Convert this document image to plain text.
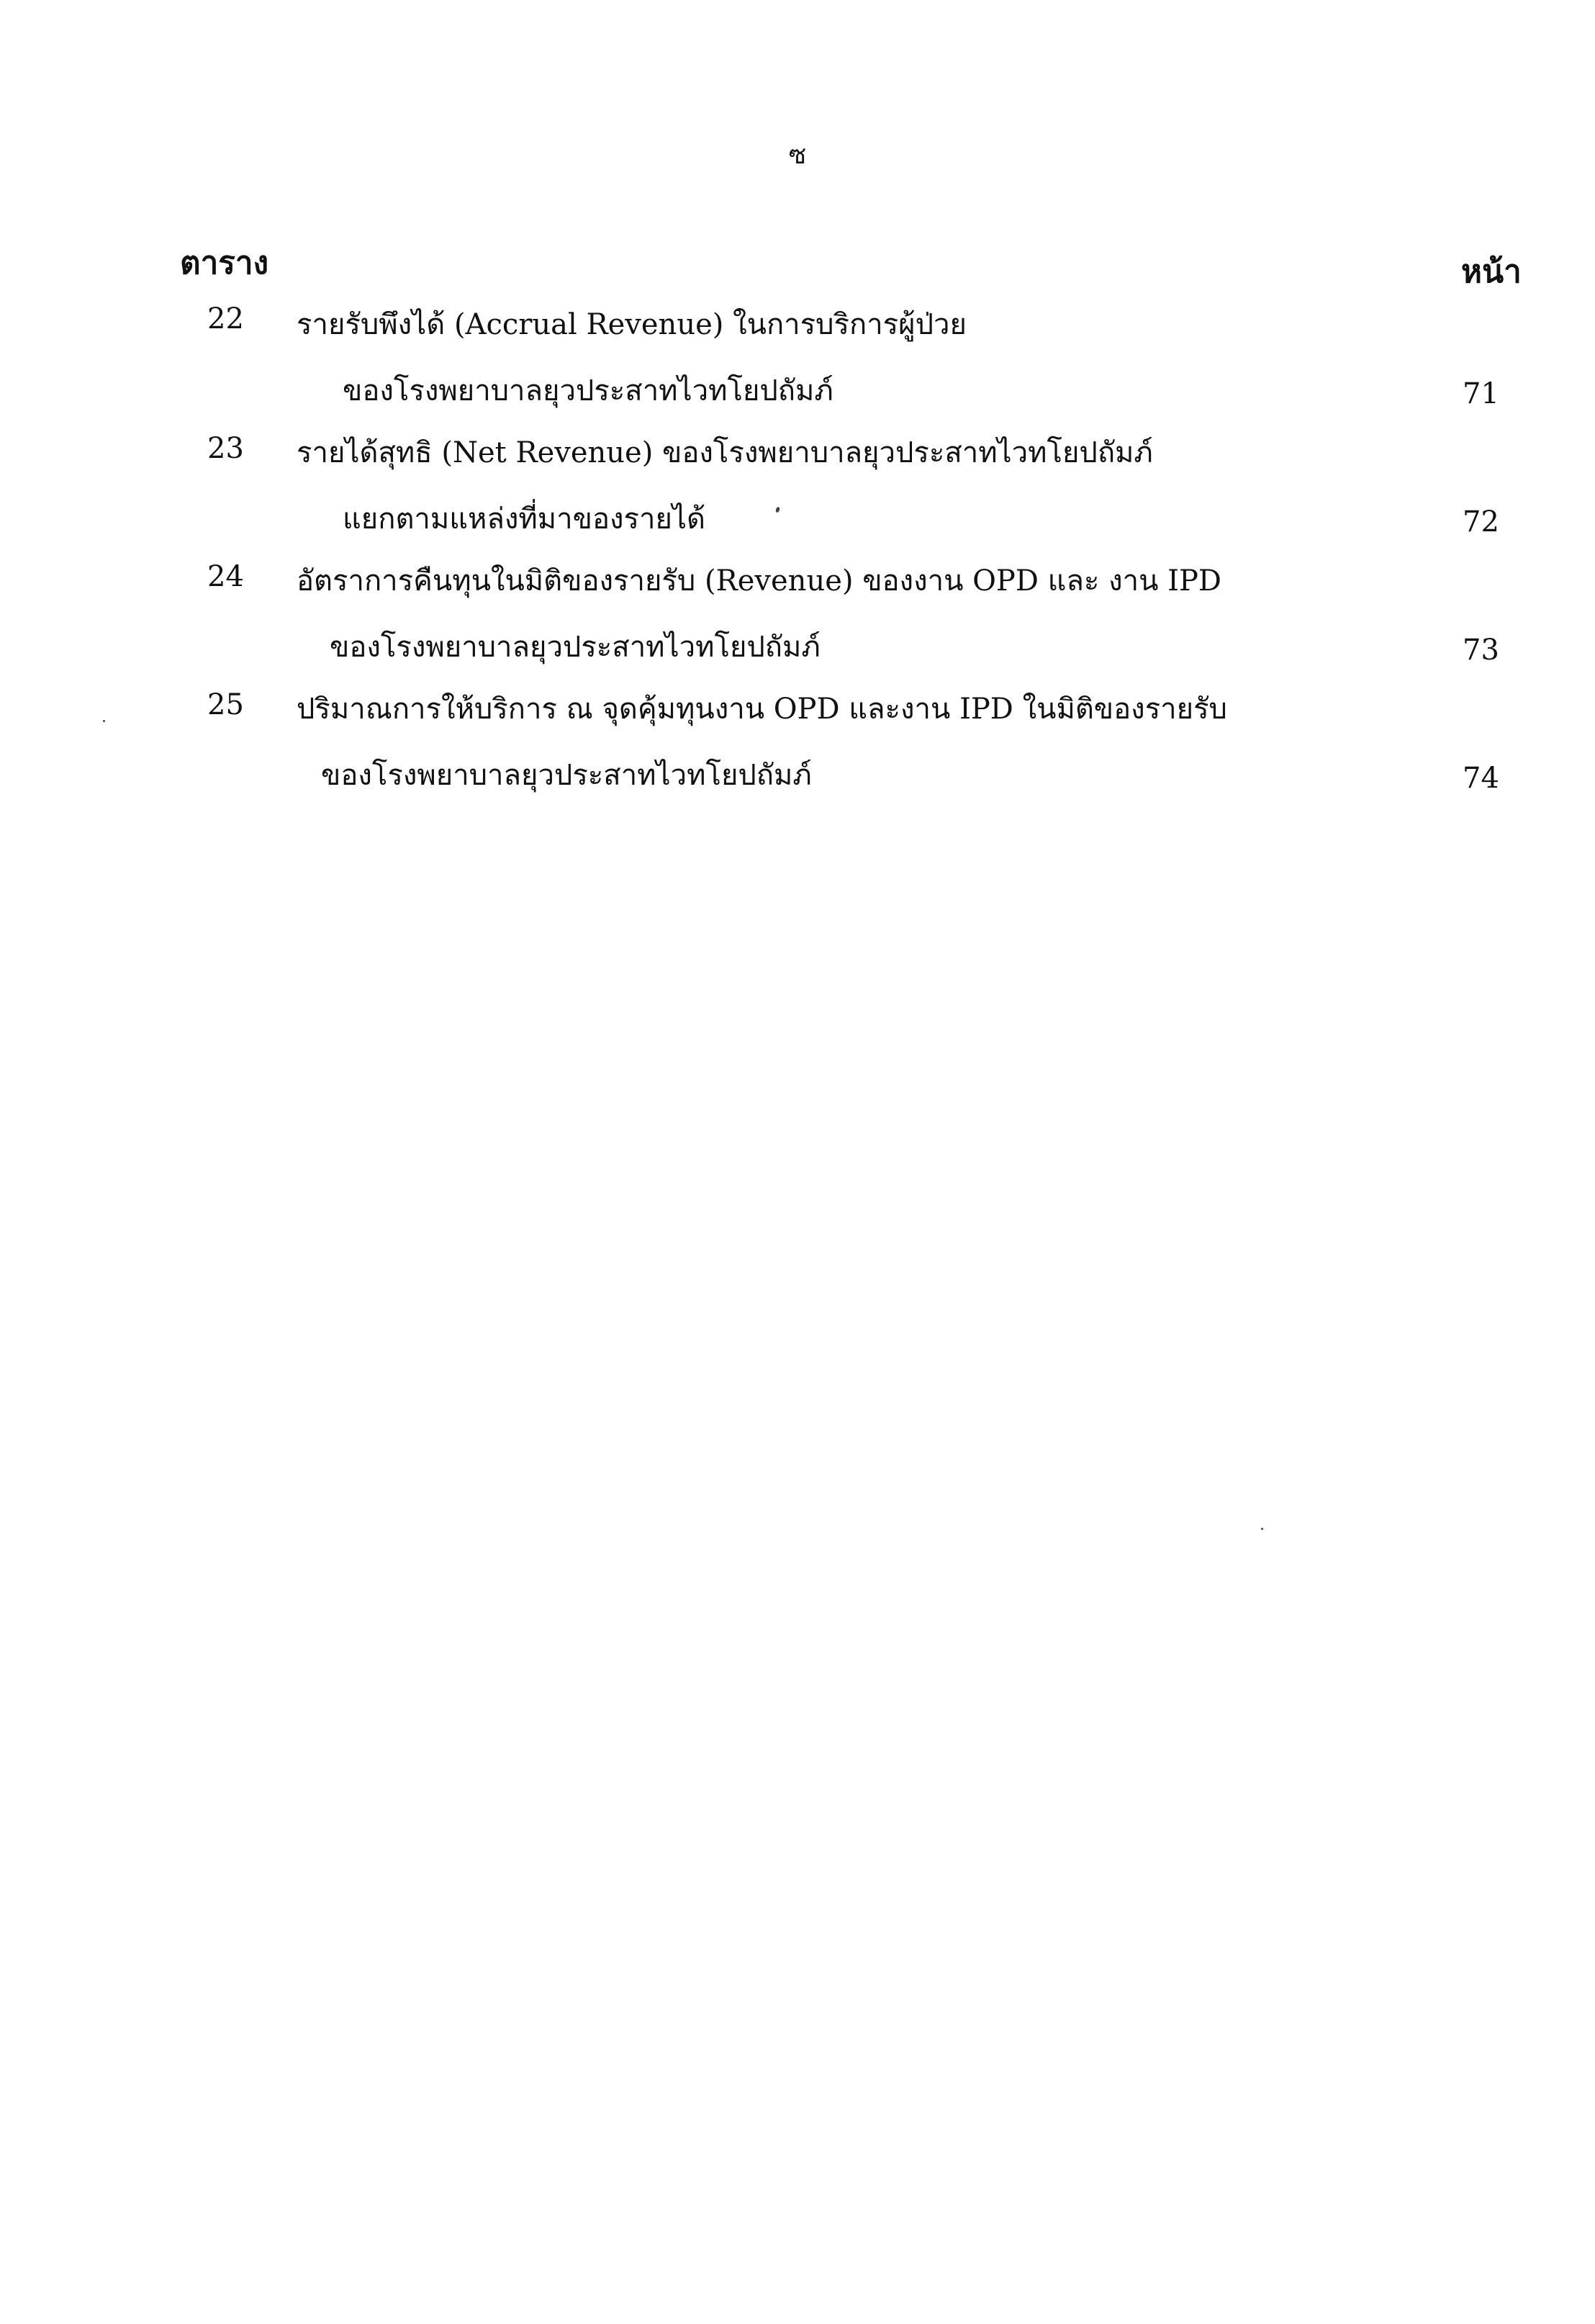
ซ
ตาราง	หน้า
22 รายรับพึงได้ (Accrual Revenue) ในการบริการผู้ป่วย
ของโรงพยาบาลยุวประสาทไวทโยปถัมภ์	71
23 รายได้สุทธิ (Net Revenue) ของโรงพยาบาลยุวประสาทไวทโยปถัมภ์
แยกตามแหล่งที่มาของรายได้	72
24 อัตราการคืนทุนในมิติของรายรับ (Revenue) ของงาน OPD และ งาน IPD
ของโรงพยาบาลยุวประสาทไวทโยปถัมภ์	73
25 ปริมาณการให้บริการ ณ จุดคุ้มทุนงาน OPD และงาน IPD ในมิติของรายรับ
ของโรงพยาบาลยุวประสาทไวทโยปถัมภ์	74
